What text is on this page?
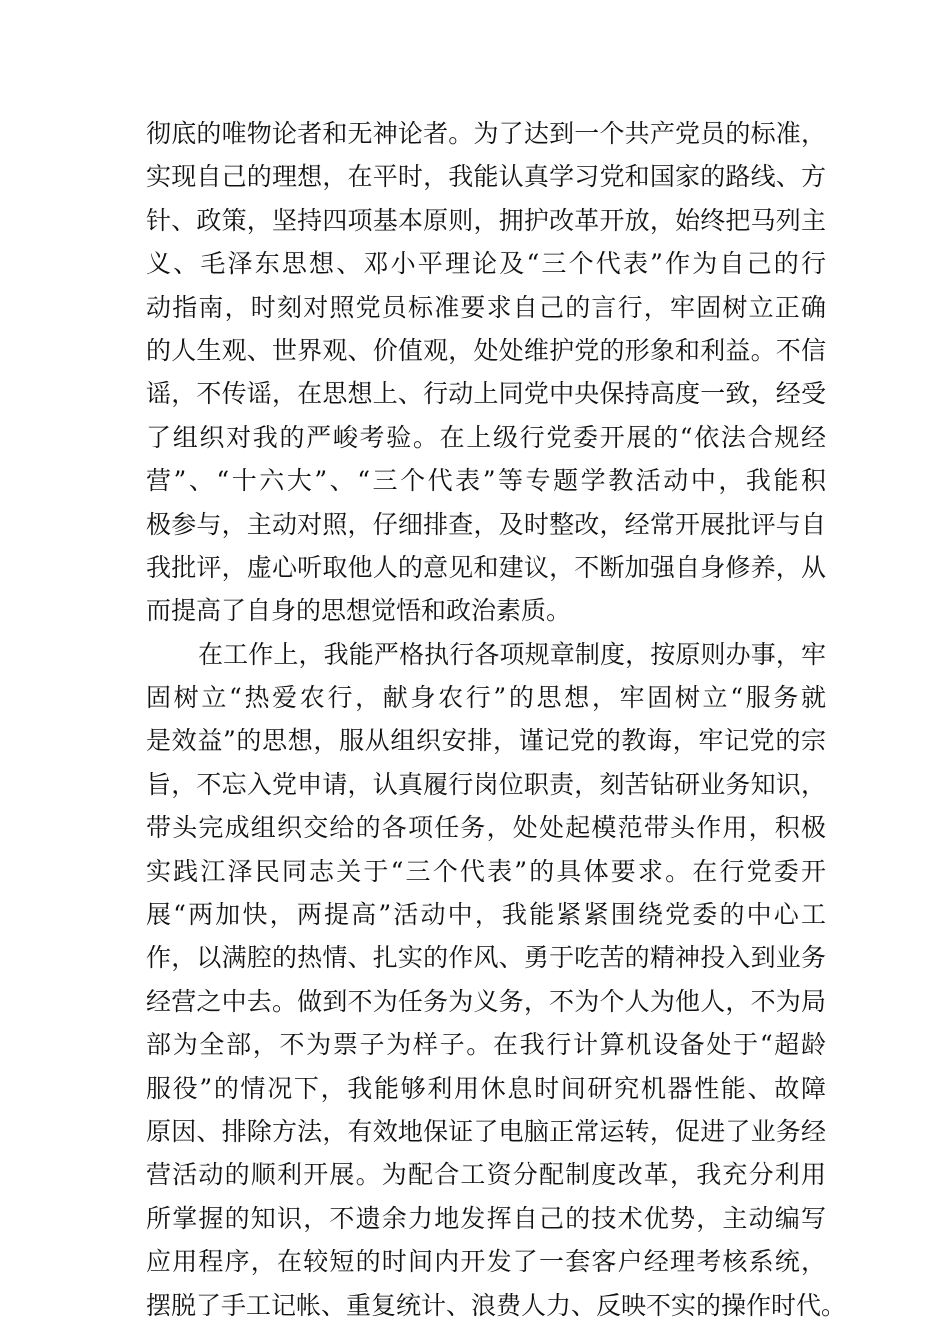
彻底的唯物论者和无神论者。为了达到一个共产党员的标准，
实现自己的理想，在平时，我能认真学习党和国家的路线、方
针、政策，坚持四项基本原则，拥护改革开放，始终把马列主
义、毛泽东思想、邓小平理论及“三个代表”作为自己的行
动指南，时刻对照党员标准要求自己的言行，牢固树立正确
的人生观、世界观、价值观，处处维护党的形象和利益。不信
谣，不传谣，在思想上、行动上同党中央保持高度一致，经受
了组织对我的严峻考验。在上级行党委开展的“依法合规经
营”、“十六大”、“三个代表”等专题学教活动中，我能积
极参与，主动对照，仔细排查，及时整改，经常开展批评与自
我批评，虚心听取他人的意见和建议，不断加强自身修养，从
而提高了自身的思想觉悟和政治素质。
在工作上，我能严格执行各项规章制度，按原则办事，牢
固树立“热爱农行，献身农行”的思想，牢固树立“服务就
是效益”的思想，服从组织安排，谨记党的教诲，牢记党的宗
旨，不忘入党申请，认真履行岗位职责，刻苦钻研业务知识，
带头完成组织交给的各项任务，处处起模范带头作用，积极
实践江泽民同志关于“三个代表”的具体要求。在行党委开
展“两加快，两提高”活动中，我能紧紧围绕党委的中心工
作，以满腔的热情、扎实的作风、勇于吃苦的精神投入到业务
经营之中去。做到不为任务为义务，不为个人为他人，不为局
部为全部，不为票子为样子。在我行计算机设备处于“超龄
服役”的情况下，我能够利用休息时间研究机器性能、故障
原因、排除方法，有效地保证了电脑正常运转，促进了业务经
营活动的顺利开展。为配合工资分配制度改革，我充分利用
所掌握的知识，不遗余力地发挥自己的技术优势，主动编写
应用程序，在较短的时间内开发了一套客户经理考核系统，
摆脱了手工记帐、重复统计、浪费人力、反映不实的操作时代。
